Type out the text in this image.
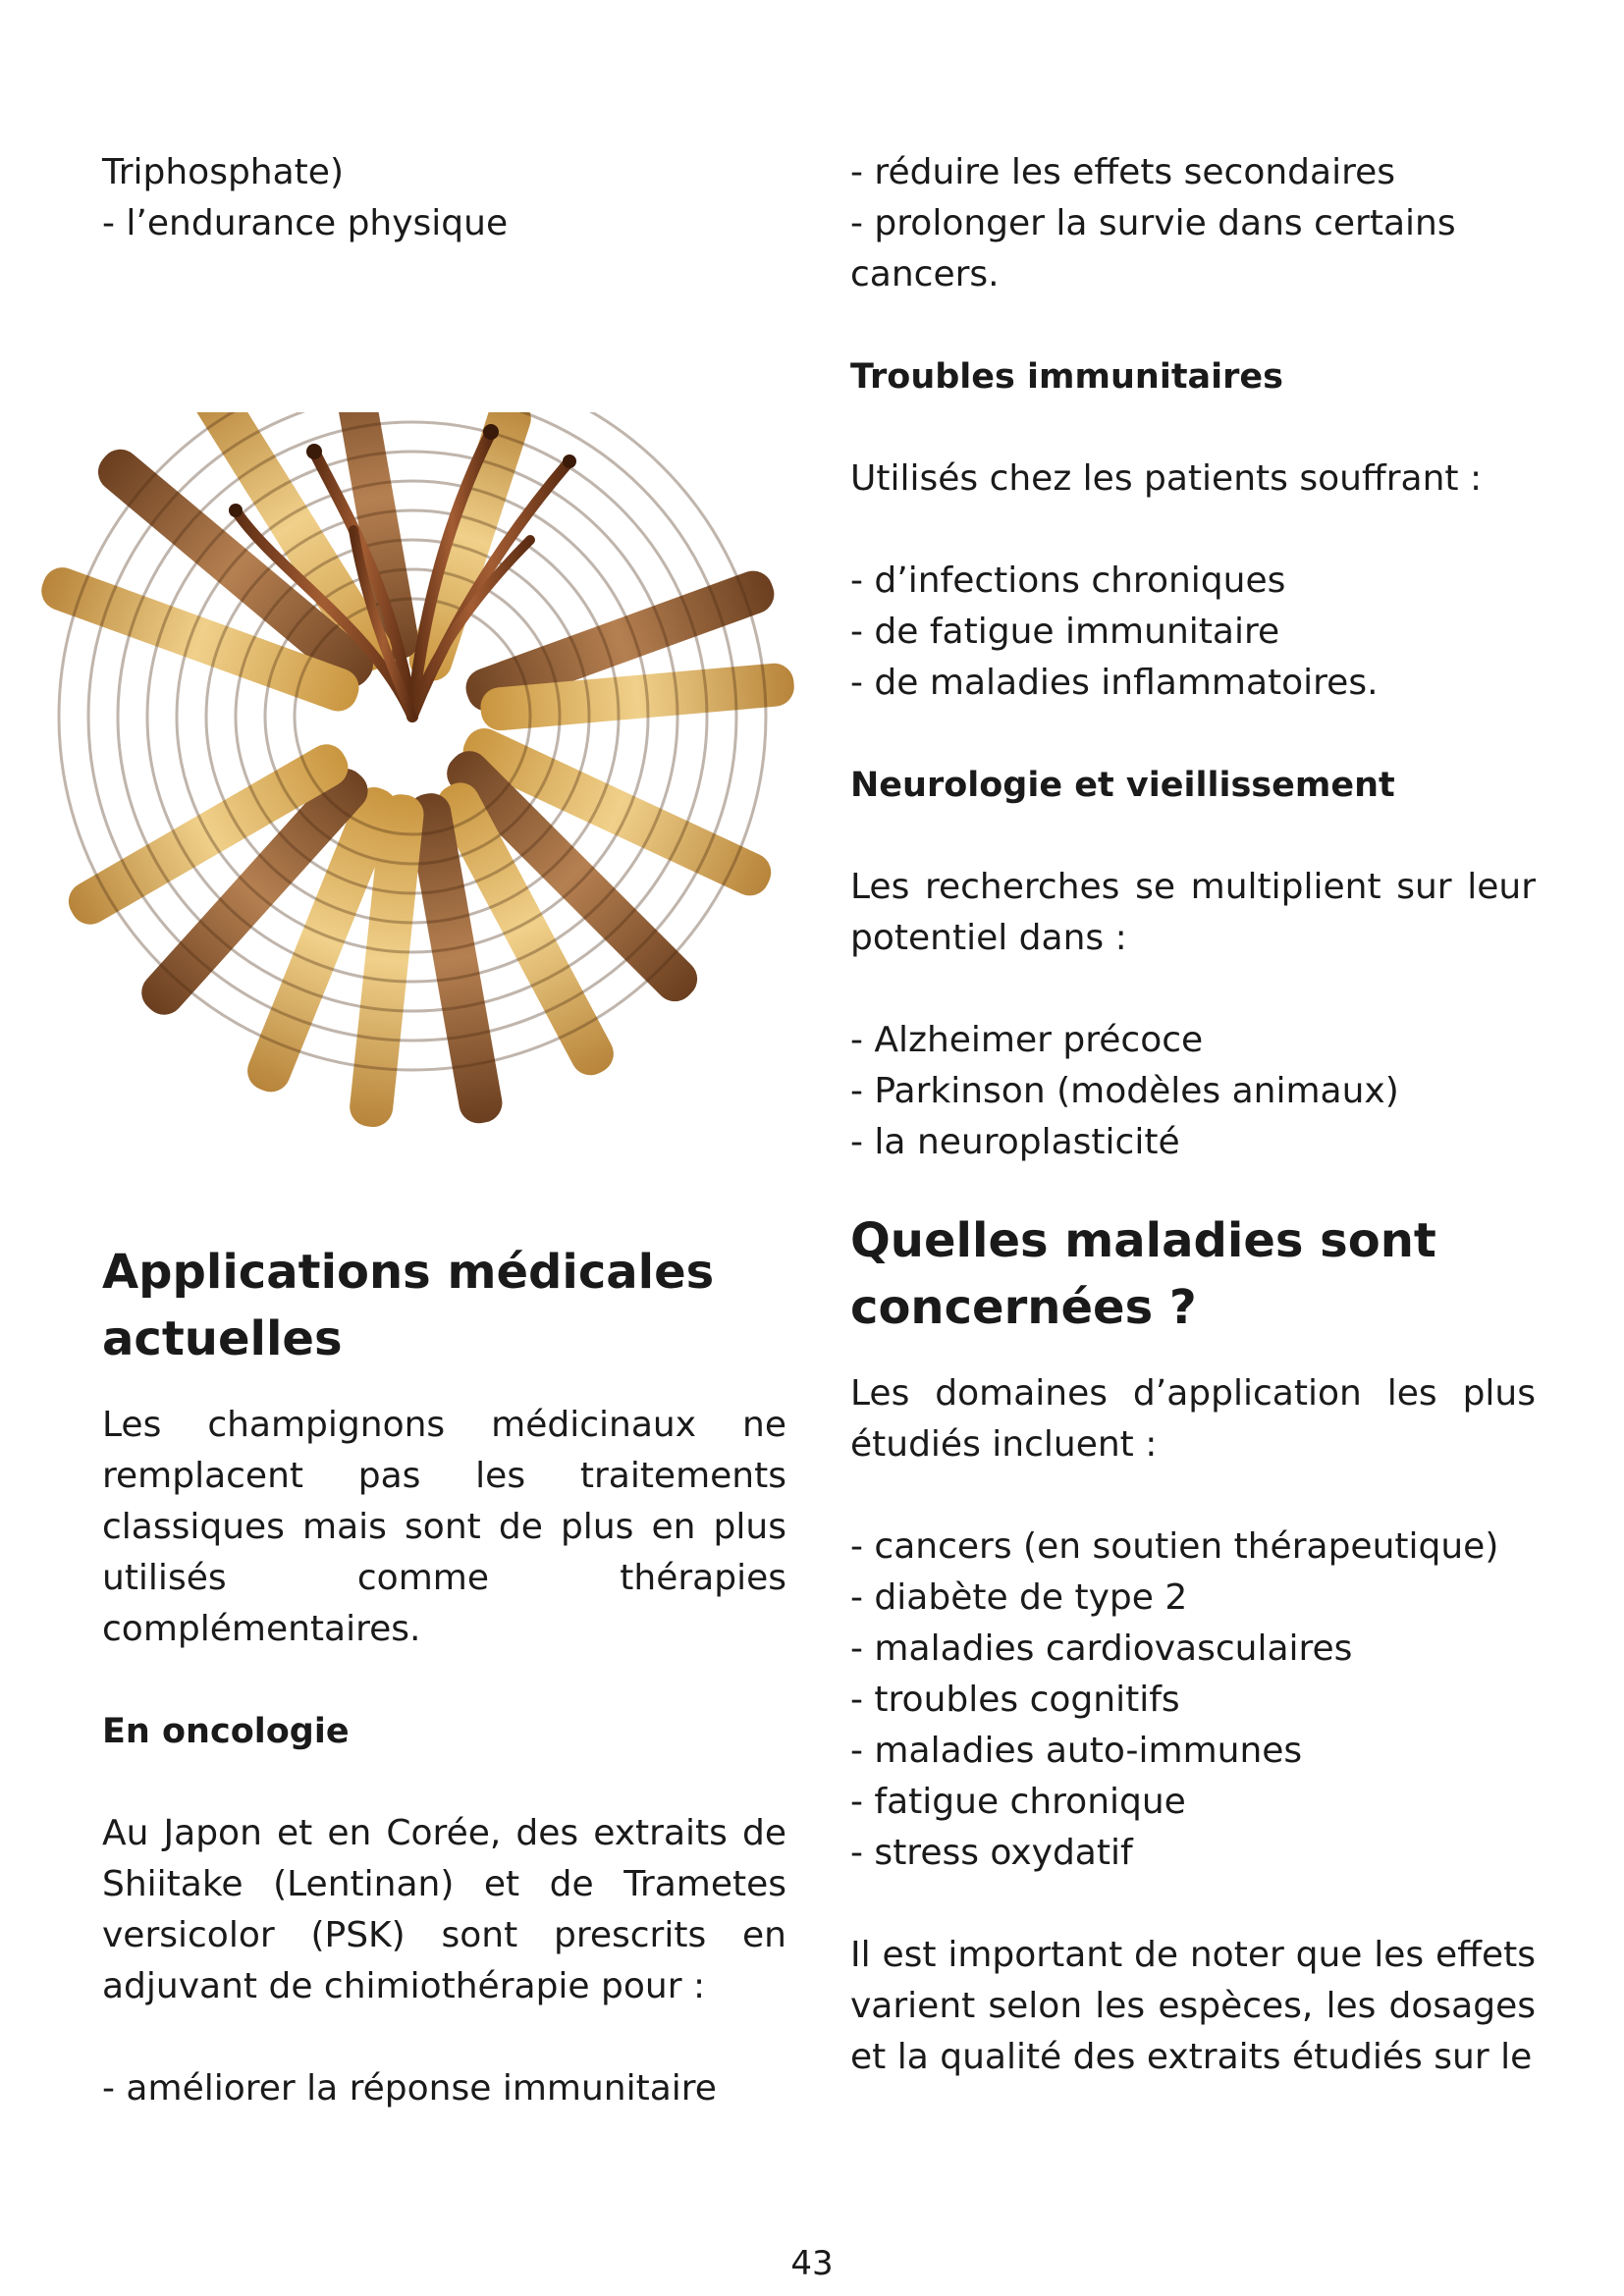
Triphosphate)

- l’endurance physique

Applications médicales
actuelles

Les champignons médicinaux ne remplacent pas les traitements classiques mais sont de plus en plus utilisés comme thérapies complémentaires.

En oncologie

Au Japon et en Corée, des extraits de Shiitake (Lentinan) et de Trametes versicolor (PSK) sont prescrits en adjuvant de chimiothérapie pour :

- améliorer la réponse immunitaire

- réduire les effets secondaires

- prolonger la survie dans certains

cancers.

Troubles immunitaires

Utilisés chez les patients souffrant :

- d’infections chroniques

- de fatigue immunitaire

- de maladies inflammatoires.

Neurologie et vieillissement

Les recherches se multiplient sur leur potentiel dans :

- Alzheimer précoce

- Parkinson (modèles animaux)

- la neuroplasticité

Quelles maladies sont
concernées ?

Les domaines d’application les plus étudiés incluent :

- cancers (en soutien thérapeutique)

- diabète de type 2

- maladies cardiovasculaires

- troubles cognitifs

- maladies auto-immunes

- fatigue chronique

- stress oxydatif

Il est important de noter que les effets varient selon les espèces, les dosages et la qualité des extraits étudiés sur le

43
